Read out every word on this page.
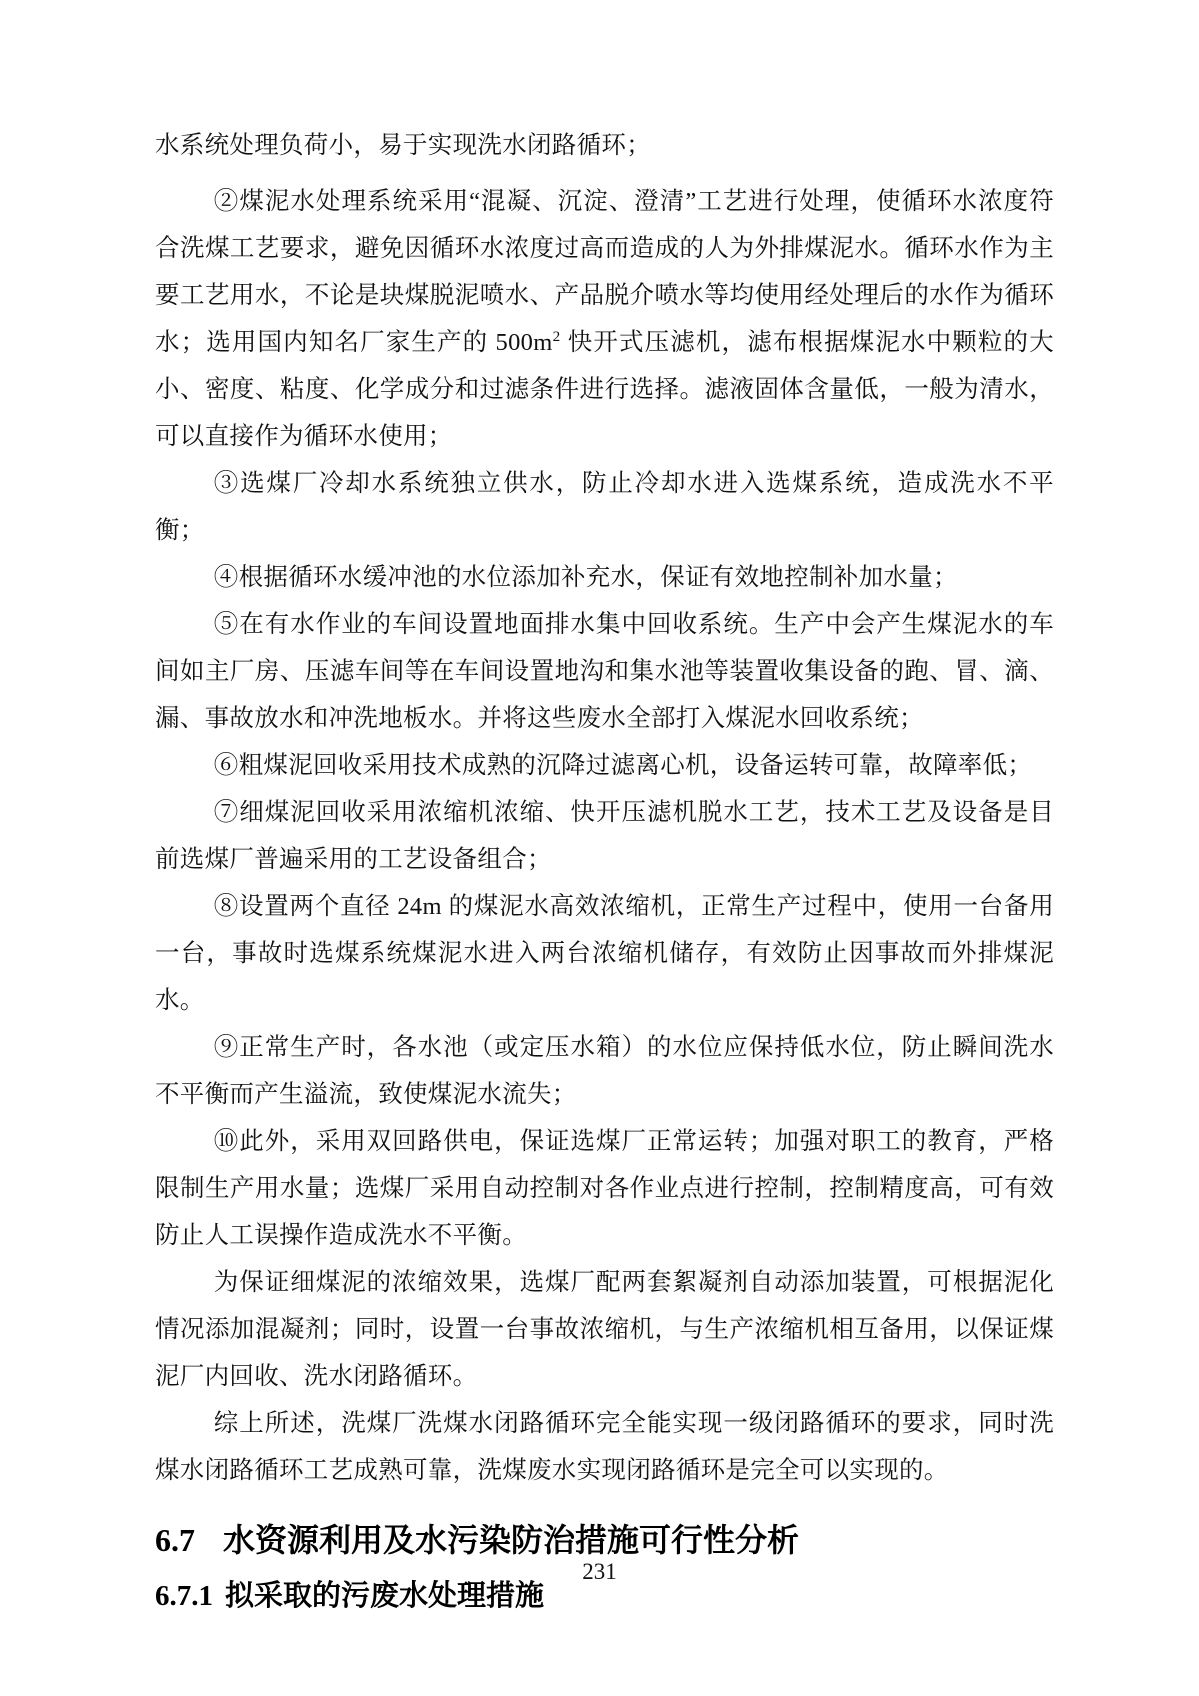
水系统处理负荷小，易于实现洗水闭路循环；

②煤泥水处理系统采用“混凝、沉淀、澄清”工艺进行处理，使循环水浓度符合洗煤工艺要求，避免因循环水浓度过高而造成的人为外排煤泥水。循环水作为主要工艺用水，不论是块煤脱泥喷水、产品脱介喷水等均使用经处理后的水作为循环水；选用国内知名厂家生产的 $500m^2$ 快开式压滤机，滤布根据煤泥水中颗粒的大小、密度、粘度、化学成分和过滤条件进行选择。滤液固体含量低，一般为清水，可以直接作为循环水使用；

③选煤厂冷却水系统独立供水，防止冷却水进入选煤系统，造成洗水不平衡；

④根据循环水缓冲池的水位添加补充水，保证有效地控制补加水量；

⑤在有水作业的车间设置地面排水集中回收系统。生产中会产生煤泥水的车间如主厂房、压滤车间等在车间设置地沟和集水池等装置收集设备的跑、冒、滴、漏、事故放水和冲洗地板水。并将这些废水全部打入煤泥水回收系统；

⑥粗煤泥回收采用技术成熟的沉降过滤离心机，设备运转可靠，故障率低；

⑦细煤泥回收采用浓缩机浓缩、快开压滤机脱水工艺，技术工艺及设备是目前选煤厂普遍采用的工艺设备组合；

⑧设置两个直径 24m 的煤泥水高效浓缩机，正常生产过程中，使用一台备用一台，事故时选煤系统煤泥水进入两台浓缩机储存，有效防止因事故而外排煤泥水。

⑨正常生产时，各水池（或定压水箱）的水位应保持低水位，防止瞬间洗水不平衡而产生溢流，致使煤泥水流失；

⑩此外，采用双回路供电，保证选煤厂正常运转；加强对职工的教育，严格限制生产用水量；选煤厂采用自动控制对各作业点进行控制，控制精度高，可有效防止人工误操作造成洗水不平衡。

为保证细煤泥的浓缩效果，选煤厂配两套絮凝剂自动添加装置，可根据泥化情况添加混凝剂；同时，设置一台事故浓缩机，与生产浓缩机相互备用，以保证煤泥厂内回收、洗水闭路循环。

综上所述，洗煤厂洗煤水闭路循环完全能实现一级闭路循环的要求，同时洗煤水闭路循环工艺成熟可靠，洗煤废水实现闭路循环是完全可以实现的。

6.7 水资源利用及水污染防治措施可行性分析
6.7.1 拟采取的污废水处理措施
231
